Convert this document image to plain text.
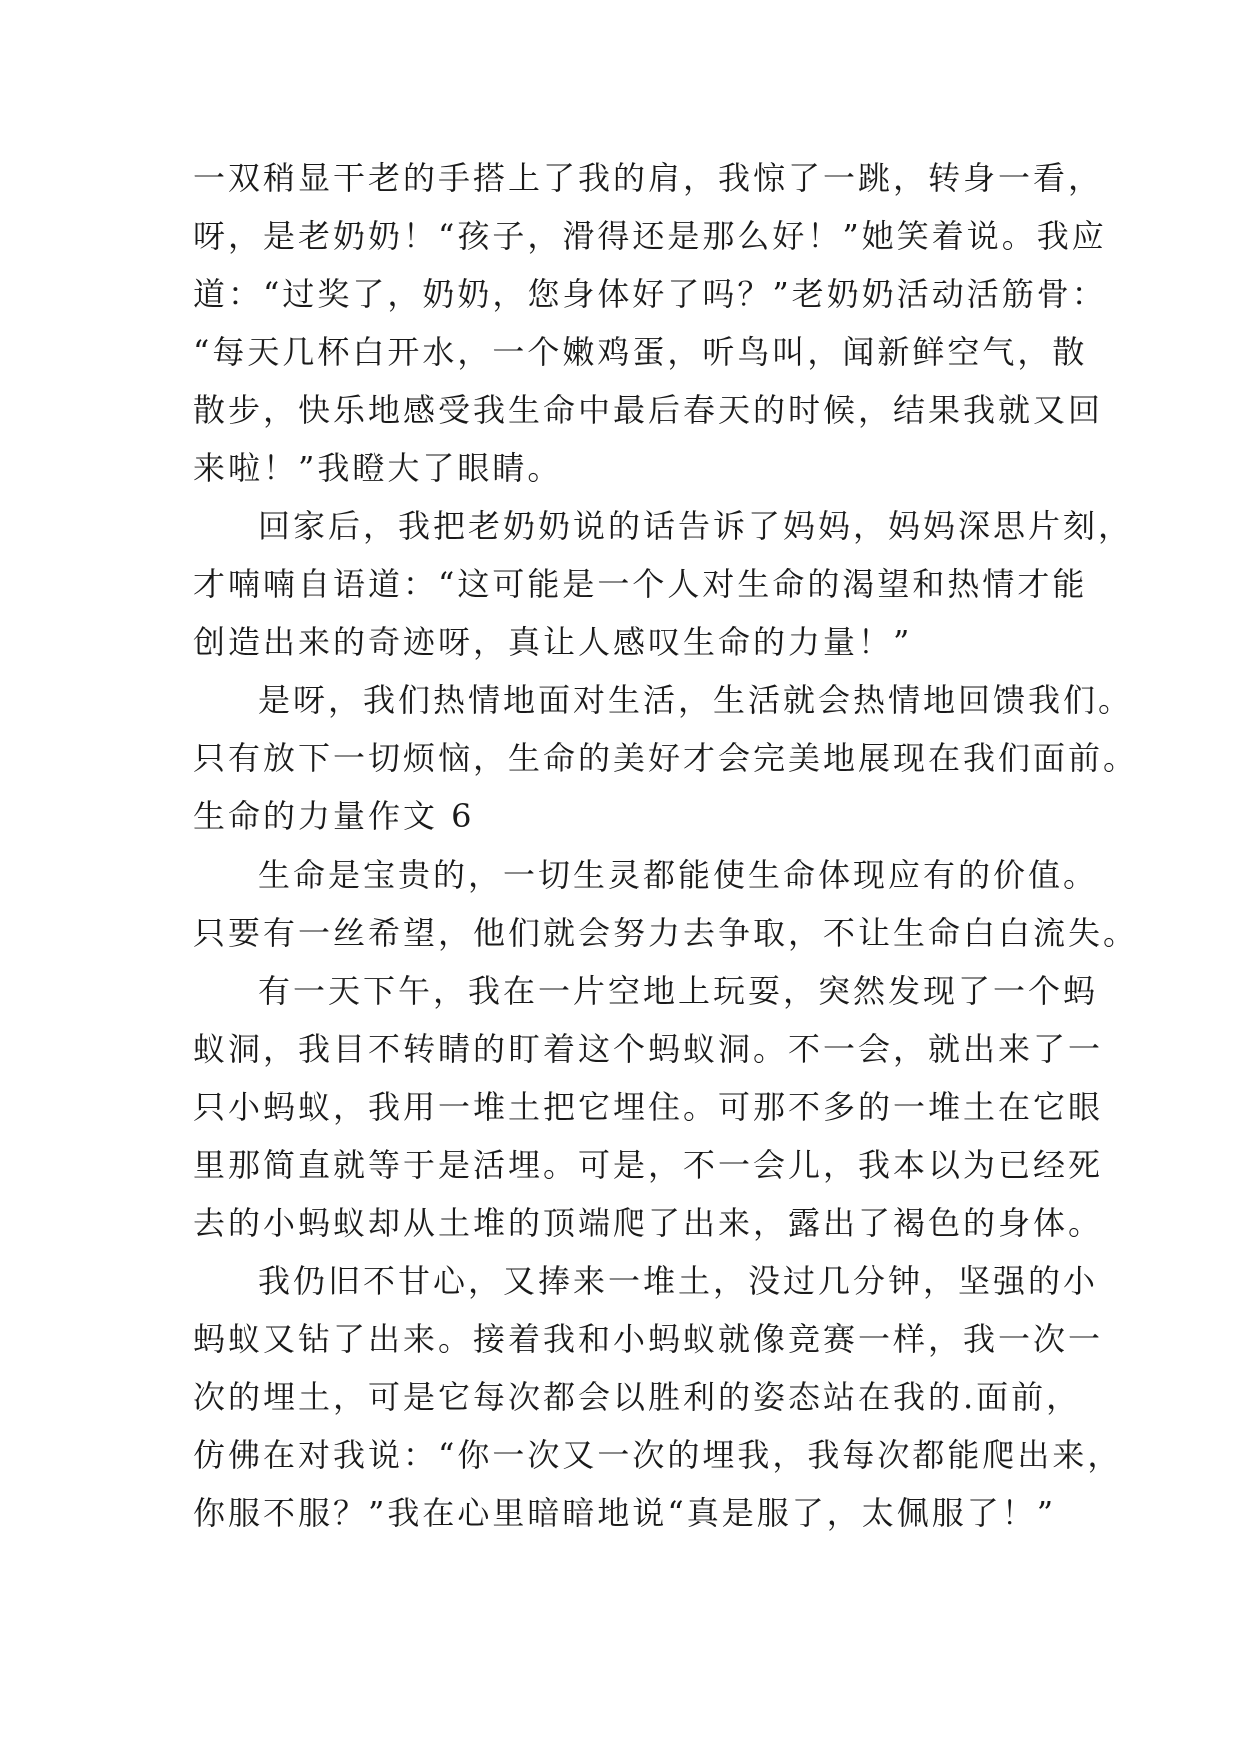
一双稍显干老的手搭上了我的肩，我惊了一跳，转身一看，
呀，是老奶奶！“孩子，滑得还是那么好！”她笑着说。我应
道：“过奖了，奶奶，您身体好了吗？”老奶奶活动活筋骨：
“每天几杯白开水，一个嫩鸡蛋，听鸟叫，闻新鲜空气，散
散步，快乐地感受我生命中最后春天的时候，结果我就又回
来啦！”我瞪大了眼睛。
回家后，我把老奶奶说的话告诉了妈妈，妈妈深思片刻，
才喃喃自语道：“这可能是一个人对生命的渴望和热情才能
创造出来的奇迹呀，真让人感叹生命的力量！”
是呀，我们热情地面对生活，生活就会热情地回馈我们。
只有放下一切烦恼，生命的美好才会完美地展现在我们面前。
生命的力量作文 6
生命是宝贵的，一切生灵都能使生命体现应有的价值。
只要有一丝希望，他们就会努力去争取，不让生命白白流失。
有一天下午，我在一片空地上玩耍，突然发现了一个蚂
蚁洞，我目不转睛的盯着这个蚂蚁洞。不一会，就出来了一
只小蚂蚁，我用一堆土把它埋住。可那不多的一堆土在它眼
里那简直就等于是活埋。可是，不一会儿，我本以为已经死
去的小蚂蚁却从土堆的顶端爬了出来，露出了褐色的身体。
我仍旧不甘心，又捧来一堆土，没过几分钟，坚强的小
蚂蚁又钻了出来。接着我和小蚂蚁就像竞赛一样，我一次一
次的埋土，可是它每次都会以胜利的姿态站在我的.面前，
仿佛在对我说：“你一次又一次的埋我，我每次都能爬出来，
你服不服？”我在心里暗暗地说“真是服了，太佩服了！”
